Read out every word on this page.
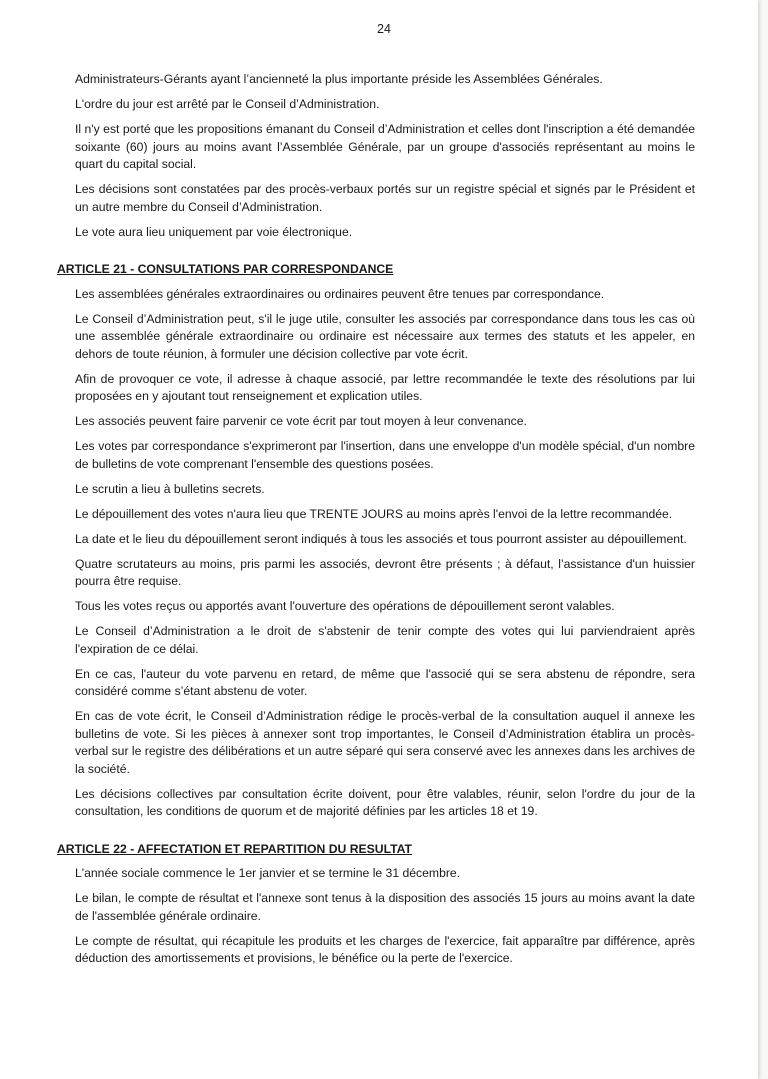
24

Administrateurs-Gérants ayant l’ancienneté la plus importante préside les Assemblées Générales.

L'ordre du jour est arrêté par le Conseil d’Administration.

Il n'y est porté que les propositions émanant du Conseil d’Administration et celles dont l'inscription a été demandée soixante (60) jours au moins avant l’Assemblée Générale, par un groupe d'associés représentant au moins le quart du capital social.

Les décisions sont constatées par des procès-verbaux portés sur un registre spécial et signés par le Président et un autre membre du Conseil d’Administration.

Le vote aura lieu uniquement par voie électronique.

ARTICLE 21 - CONSULTATIONS PAR CORRESPONDANCE

Les assemblées générales extraordinaires ou ordinaires peuvent être tenues par correspondance.

Le Conseil d’Administration peut, s'il le juge utile, consulter les associés par correspondance dans tous les cas où une assemblée générale extraordinaire ou ordinaire est nécessaire aux termes des statuts et les appeler, en dehors de toute réunion, à formuler une décision collective par vote écrit.

Afin de provoquer ce vote, il adresse à chaque associé, par lettre recommandée le texte des résolutions par lui proposées en y ajoutant tout renseignement et explication utiles.

Les associés peuvent faire parvenir ce vote écrit par tout moyen à leur convenance.

Les votes par correspondance s'exprimeront par l'insertion, dans une enveloppe d'un modèle spécial, d'un nombre de bulletins de vote comprenant l'ensemble des questions posées.

Le scrutin a lieu à bulletins secrets.

Le dépouillement des votes n'aura lieu que TRENTE JOURS au moins après l'envoi de la lettre recommandée.

La date et le lieu du dépouillement seront indiqués à tous les associés et tous pourront assister au dépouillement.

Quatre scrutateurs au moins, pris parmi les associés, devront être présents ; à défaut, l’assistance d'un huissier pourra être requise.

Tous les votes reçus ou apportés avant l'ouverture des opérations de dépouillement seront valables.

Le Conseil d’Administration a le droit de s'abstenir de tenir compte des votes qui lui parviendraient après l'expiration de ce délai.

En ce cas, l'auteur du vote parvenu en retard, de même que l'associé qui se sera abstenu de répondre, sera considéré comme s’étant abstenu de voter.

En cas de vote écrit, le Conseil d’Administration rédige le procès-verbal de la consultation auquel il annexe les bulletins de vote. Si les pièces à annexer sont trop importantes, le Conseil d’Administration établira un procès-verbal sur le registre des délibérations et un autre séparé qui sera conservé avec les annexes dans les archives de la société.

Les décisions collectives par consultation écrite doivent, pour être valables, réunir, selon l'ordre du jour de la consultation, les conditions de quorum et de majorité définies par les articles 18 et 19.

ARTICLE 22 - AFFECTATION ET REPARTITION DU RESULTAT

L'année sociale commence le 1er janvier et se termine le 31 décembre.

Le bilan, le compte de résultat et l'annexe sont tenus à la disposition des associés 15 jours au moins avant la date de l'assemblée générale ordinaire.

Le compte de résultat, qui récapitule les produits et les charges de l'exercice, fait apparaître par différence, après déduction des amortissements et provisions, le bénéfice ou la perte de l'exercice.
